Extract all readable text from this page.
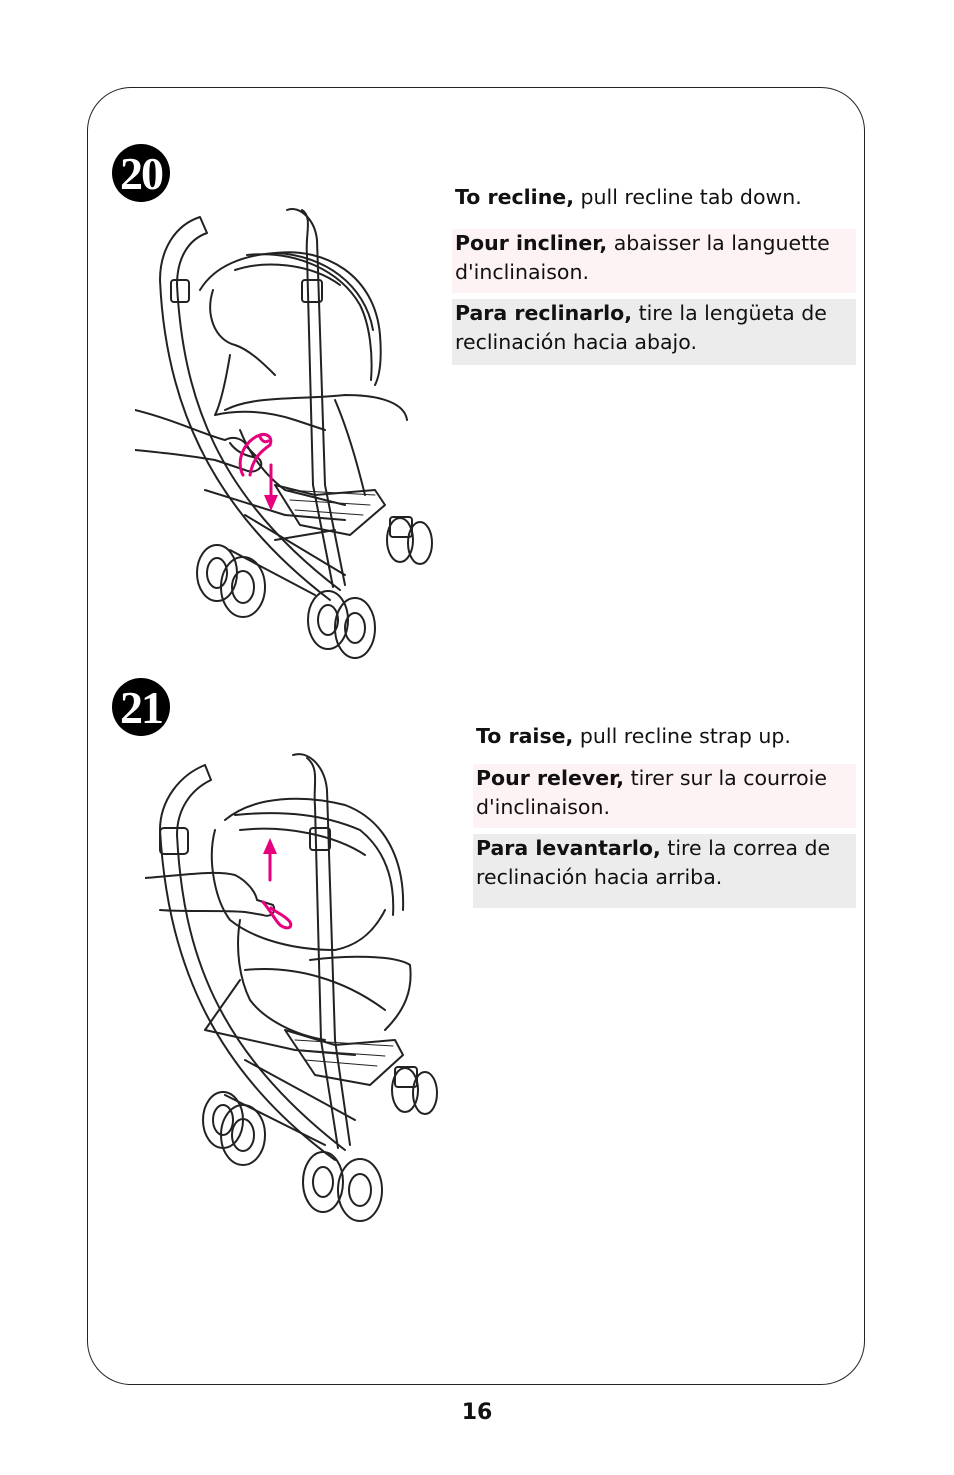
20	To recline, pull recline tab down.
Pour incliner, abaisser la languette d'inclinaison.
Para reclinarlo, tire la lengüeta de reclinación hacia abajo.
21
To raise, pull recline strap up.
Pour relever, tirer sur la courroie d'inclinaison.
Para levantarlo, tire la correa de reclinación hacia arriba.
16
